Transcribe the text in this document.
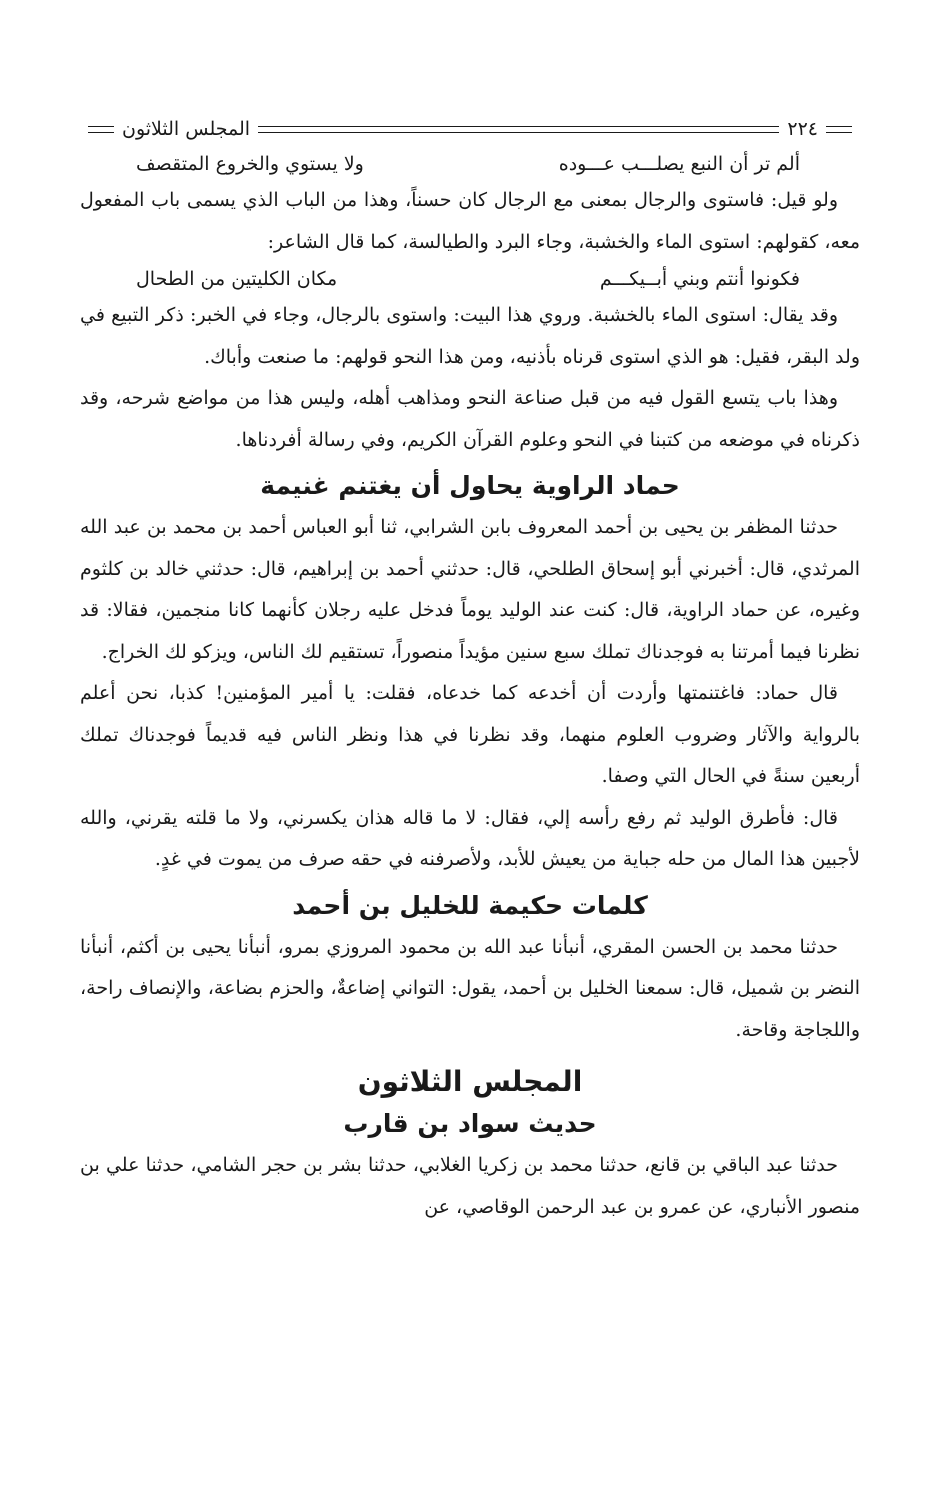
٢٢٤
المجلس الثلاثون
ألم تر أن النبع يصلـــب عـــوده
ولا يستوي والخروع المتقصف

ولو قيل: فاستوى والرجال بمعنى مع الرجال كان حسناً، وهذا من الباب الذي يسمى باب المفعول معه، كقولهم: استوى الماء والخشبة، وجاء البرد والطيالسة، كما قال الشاعر:

فكونوا أنتم وبني أبــيكـــم
مكان الكليتين من الطحال

وقد يقال: استوى الماء بالخشبة. وروي هذا البيت: واستوى بالرجال، وجاء في الخبر: ذكر التبيع في ولد البقر، فقيل: هو الذي استوى قرناه بأذنيه، ومن هذا النحو قولهم: ما صنعت وأباك.

وهذا باب يتسع القول فيه من قبل صناعة النحو ومذاهب أهله، وليس هذا من مواضع شرحه، وقد ذكرناه في موضعه من كتبنا في النحو وعلوم القرآن الكريم، وفي رسالة أفردناها.

حماد الراوية يحاول أن يغتنم غنيمة

حدثنا المظفر بن يحيى بن أحمد المعروف بابن الشرابي، ثنا أبو العباس أحمد بن محمد بن عبد الله المرثدي، قال: أخبرني أبو إسحاق الطلحي، قال: حدثني أحمد بن إبراهيم، قال: حدثني خالد بن كلثوم وغيره، عن حماد الراوية، قال: كنت عند الوليد يوماً فدخل عليه رجلان كأنهما كانا منجمين، فقالا: قد نظرنا فيما أمرتنا به فوجدناك تملك سبع سنين مؤيداً منصوراً، تستقيم لك الناس، ويزكو لك الخراج.

قال حماد: فاغتنمتها وأردت أن أخدعه كما خدعاه، فقلت: يا أمير المؤمنين! كذبا، نحن أعلم بالرواية والآثار وضروب العلوم منهما، وقد نظرنا في هذا ونظر الناس فيه قديماً فوجدناك تملك أربعين سنةً في الحال التي وصفا.

قال: فأطرق الوليد ثم رفع رأسه إلي، فقال: لا ما قاله هذان يكسرني، ولا ما قلته يقرني، والله لأجبين هذا المال من حله جباية من يعيش للأبد، ولأصرفنه في حقه صرف من يموت في غدٍ.

كلمات حكيمة للخليل بن أحمد

حدثنا محمد بن الحسن المقري، أنبأنا عبد الله بن محمود المروزي بمرو، أنبأنا يحيى بن أكثم، أنبأنا النضر بن شميل، قال: سمعنا الخليل بن أحمد، يقول: التواني إضاعةٌ، والحزم بضاعة، والإنصاف راحة، واللجاجة وقاحة.

المجلس الثلاثون
حديث سواد بن قارب

حدثنا عبد الباقي بن قانع، حدثنا محمد بن زكريا الغلابي، حدثنا بشر بن حجر الشامي، حدثنا علي بن منصور الأنباري، عن عمرو بن عبد الرحمن الوقاصي، عن
